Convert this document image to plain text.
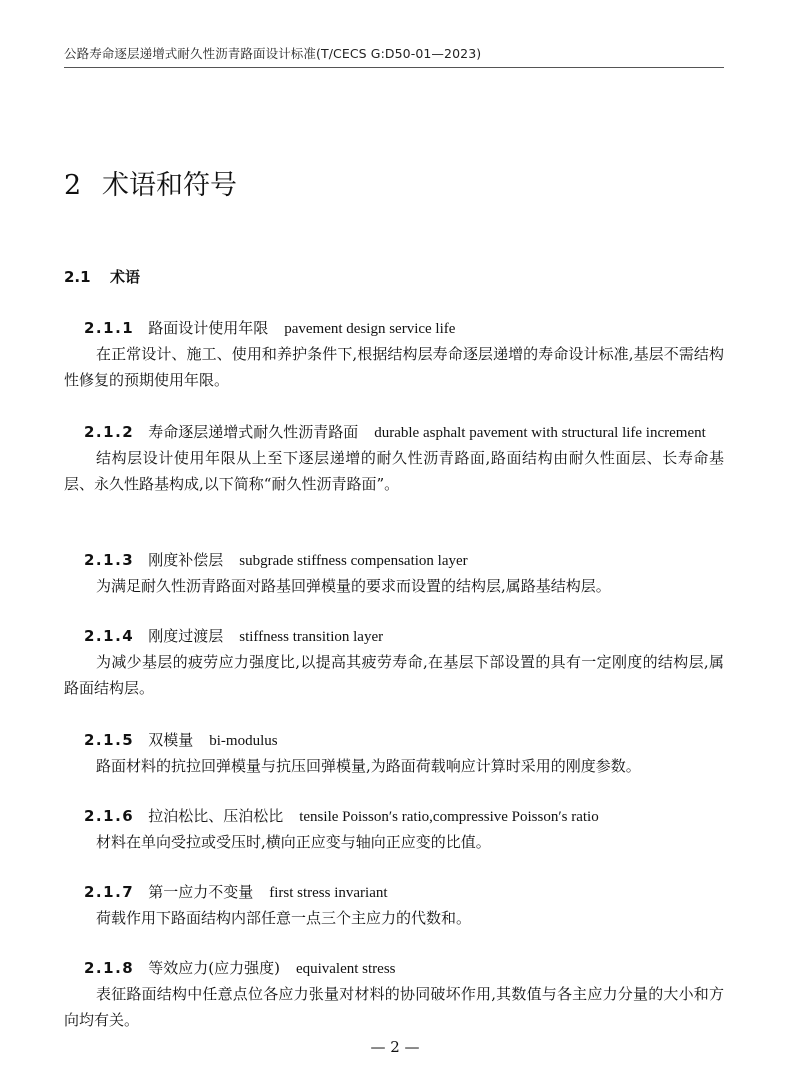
公路寿命逐层递增式耐久性沥青路面设计标准(T/CECS G:D50-01—2023)
2 术语和符号
2.1 术语
2.1.1 路面设计使用年限 pavement design service life
在正常设计、施工、使用和养护条件下,根据结构层寿命逐层递增的寿命设计标准,基层不需结构性修复的预期使用年限。
2.1.2 寿命逐层递增式耐久性沥青路面 durable asphalt pavement with structural life increment
结构层设计使用年限从上至下逐层递增的耐久性沥青路面,路面结构由耐久性面层、长寿命基层、永久性路基构成,以下简称“耐久性沥青路面”。
2.1.3 刚度补偿层 subgrade stiffness compensation layer
为满足耐久性沥青路面对路基回弹模量的要求而设置的结构层,属路基结构层。
2.1.4 刚度过渡层 stiffness transition layer
为减少基层的疲劳应力强度比,以提高其疲劳寿命,在基层下部设置的具有一定刚度的结构层,属路面结构层。
2.1.5 双模量 bi-modulus
路面材料的抗拉回弹模量与抗压回弹模量,为路面荷载响应计算时采用的刚度参数。
2.1.6 拉泊松比、压泊松比 tensile Poisson′s ratio,compressive Poisson′s ratio
材料在单向受拉或受压时,横向正应变与轴向正应变的比值。
2.1.7 第一应力不变量 first stress invariant
荷载作用下路面结构内部任意一点三个主应力的代数和。
2.1.8 等效应力(应力强度) equivalent stress
表征路面结构中任意点位各应力张量对材料的协同破坏作用,其数值与各主应力分量的大小和方向均有关。
— 2 —
